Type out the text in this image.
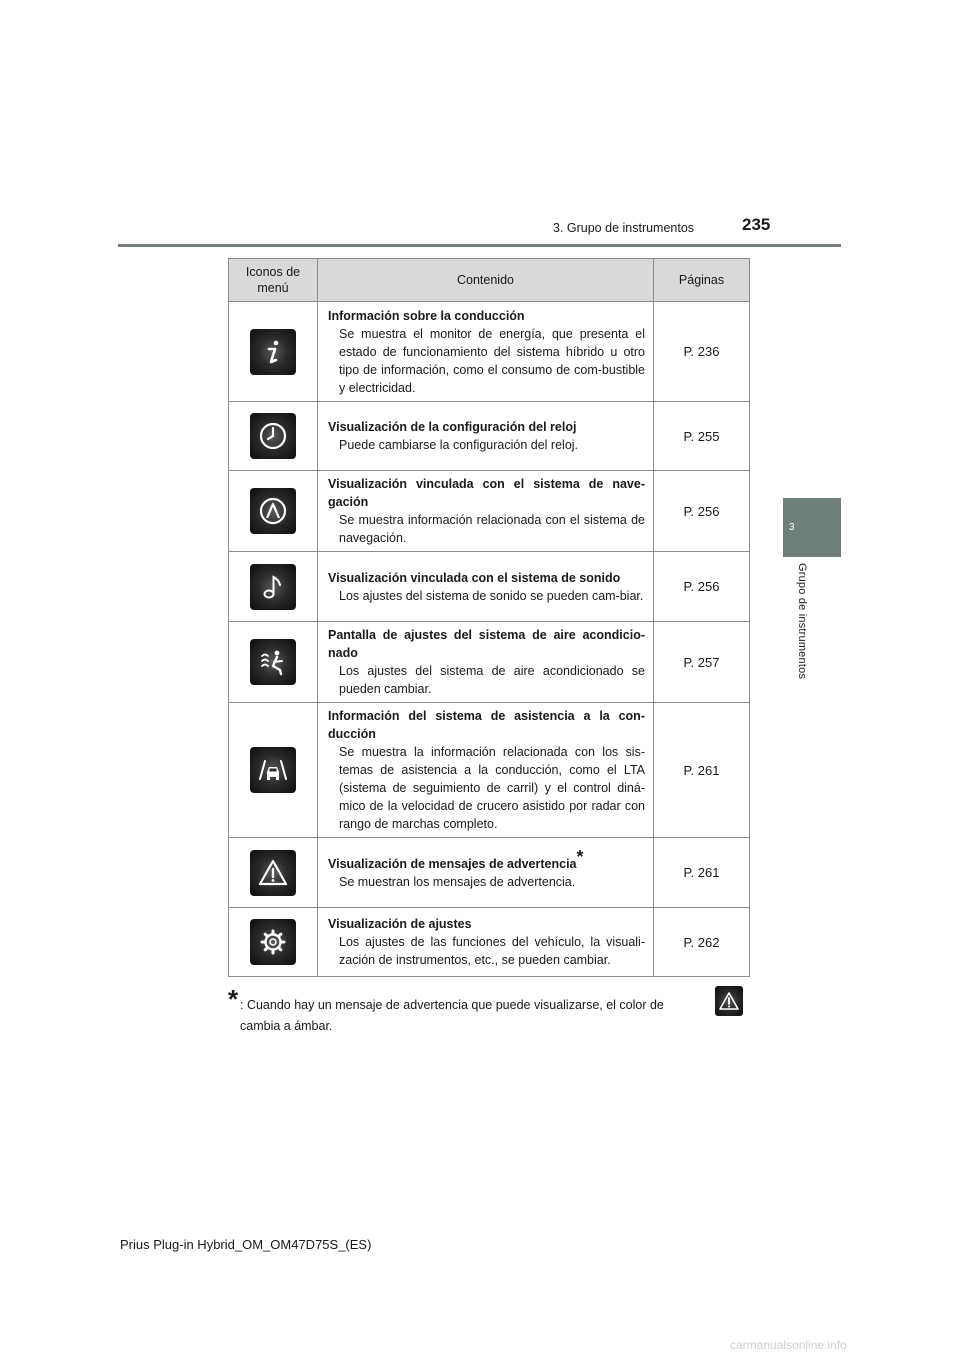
235
3. Grupo de instrumentos
3
Grupo de instrumentos
Iconos de menú	Contenido	Páginas

Información sobre la conducción
Se muestra el monitor de energía, que presenta el estado de funcionamiento del sistema híbrido u otro tipo de información, como el consumo de com-bustible y electricidad.	P. 236

Visualización de la configuración del reloj
Puede cambiarse la configuración del reloj.	P. 255

Visualización vinculada con el sistema de nave-gación
Se muestra información relacionada con el sistema de navegación.	P. 256

Visualización vinculada con el sistema de sonido
Los ajustes del sistema de sonido se pueden cam-biar.	P. 256

Pantalla de ajustes del sistema de aire acondicio-nado
Los ajustes del sistema de aire acondicionado se pueden cambiar.	P. 257

Información del sistema de asistencia a la con-ducción
Se muestra la información relacionada con los sis-temas de asistencia a la conducción, como el LTA (sistema de seguimiento de carril) y el control diná-mico de la velocidad de crucero asistido por radar con rango de marchas completo.	P. 261

Visualización de mensajes de advertencia*
Se muestran los mensajes de advertencia.	P. 261

Visualización de ajustes
Los ajustes de las funciones del vehículo, la visuali-zación de instrumentos, etc., se pueden cambiar.	P. 262
* : Cuando hay un mensaje de advertencia que puede visualizarse, el color de
cambia a ámbar.
Prius Plug-in Hybrid_OM_OM47D75S_(ES)
carmanualsonline.info
